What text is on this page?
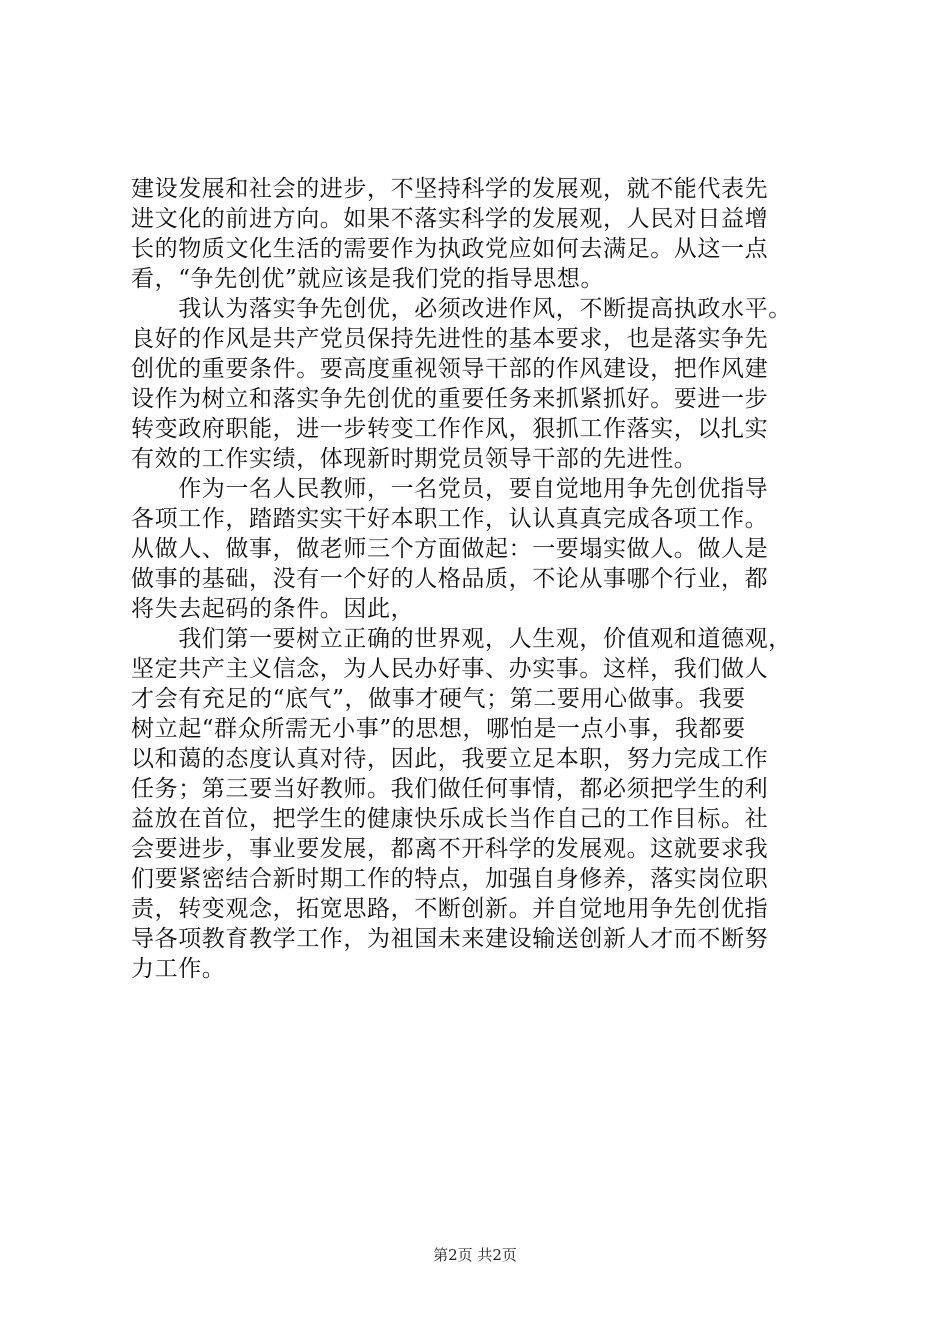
建设发展和社会的进步，不坚持科学的发展观，就不能代表先
进文化的前进方向。如果不落实科学的发展观，人民对日益增
长的物质文化生活的需要作为执政党应如何去满足。从这一点
看，“争先创优”就应该是我们党的指导思想。
　　我认为落实争先创优，必须改进作风，不断提高执政水平。
良好的作风是共产党员保持先进性的基本要求，也是落实争先
创优的重要条件。要高度重视领导干部的作风建设，把作风建
设作为树立和落实争先创优的重要任务来抓紧抓好。要进一步
转变政府职能，进一步转变工作作风，狠抓工作落实，以扎实
有效的工作实绩，体现新时期党员领导干部的先进性。
　　作为一名人民教师，一名党员，要自觉地用争先创优指导
各项工作，踏踏实实干好本职工作，认认真真完成各项工作。
从做人、做事，做老师三个方面做起：一要塌实做人。做人是
做事的基础，没有一个好的人格品质，不论从事哪个行业，都
将失去起码的条件。因此，
　　我们第一要树立正确的世界观，人生观，价值观和道德观，
坚定共产主义信念，为人民办好事、办实事。这样，我们做人
才会有充足的“底气”，做事才硬气；第二要用心做事。我要
树立起“群众所需无小事”的思想，哪怕是一点小事，我都要
以和蔼的态度认真对待，因此，我要立足本职，努力完成工作
任务；第三要当好教师。我们做任何事情，都必须把学生的利
益放在首位，把学生的健康快乐成长当作自己的工作目标。社
会要进步，事业要发展，都离不开科学的发展观。这就要求我
们要紧密结合新时期工作的特点，加强自身修养，落实岗位职
责，转变观念，拓宽思路，不断创新。并自觉地用争先创优指
导各项教育教学工作，为祖国未来建设输送创新人才而不断努
力工作。
第2页 共2页
